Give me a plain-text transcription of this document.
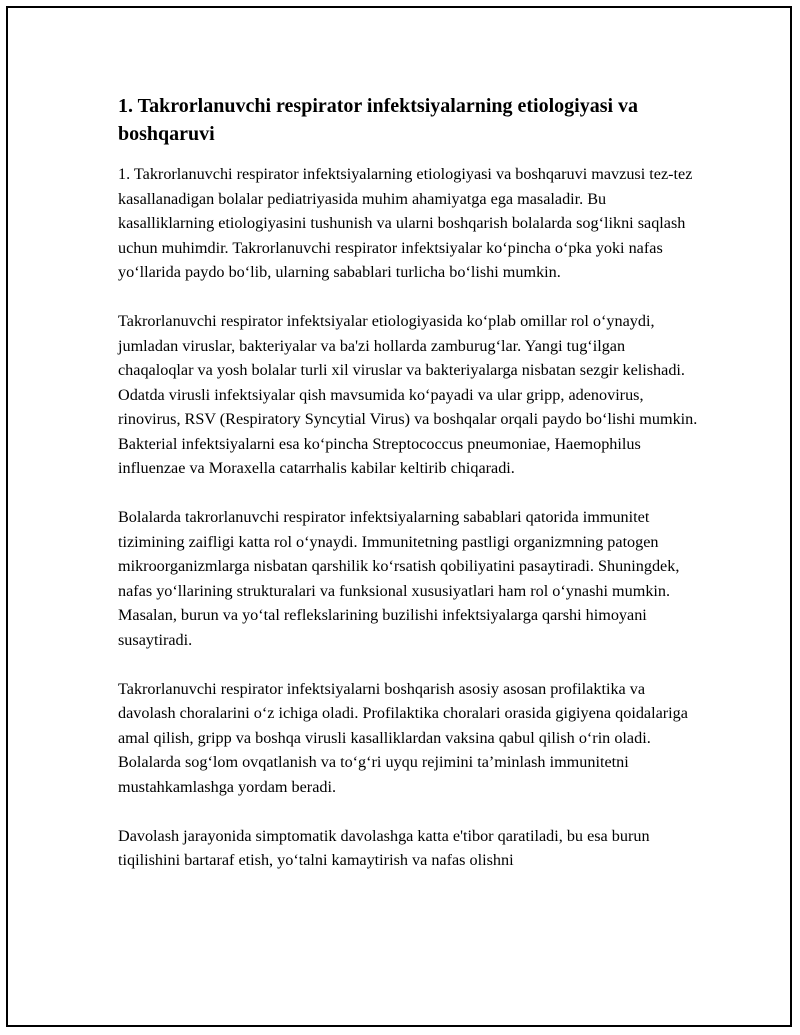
1. Takrorlanuvchi respirator infektsiyalarning etiologiyasi va boshqaruvi

1. Takrorlanuvchi respirator infektsiyalarning etiologiyasi va boshqaruvi mavzusi tez-tez kasallanadigan bolalar pediatriyasida muhim ahamiyatga ega masaladir. Bu kasalliklarning etiologiyasini tushunish va ularni boshqarish bolalarda sog‘likni saqlash uchun muhimdir. Takrorlanuvchi respirator infektsiyalar ko‘pincha o‘pka yoki nafas yo‘llarida paydo bo‘lib, ularning sabablari turlicha bo‘lishi mumkin.

Takrorlanuvchi respirator infektsiyalar etiologiyasida ko‘plab omillar rol o‘ynaydi, jumladan viruslar, bakteriyalar va ba'zi hollarda zamburug‘lar. Yangi tug‘ilgan chaqaloqlar va yosh bolalar turli xil viruslar va bakteriyalarga nisbatan sezgir kelishadi. Odatda virusli infektsiyalar qish mavsumida ko‘payadi va ular gripp, adenovirus, rinovirus, RSV (Respiratory Syncytial Virus) va boshqalar orqali paydo bo‘lishi mumkin. Bakterial infektsiyalarni esa ko‘pincha Streptococcus pneumoniae, Haemophilus influenzae va Moraxella catarrhalis kabilar keltirib chiqaradi.

Bolalarda takrorlanuvchi respirator infektsiyalarning sabablari qatorida immunitet tizimining zaifligi katta rol o‘ynaydi. Immunitetning pastligi organizmning patogen mikroorganizmlarga nisbatan qarshilik ko‘rsatish qobiliyatini pasaytiradi. Shuningdek, nafas yo‘llarining strukturalari va funksional xususiyatlari ham rol o‘ynashi mumkin. Masalan, burun va yo‘tal reflekslarining buzilishi infektsiyalarga qarshi himoyani susaytiradi.

Takrorlanuvchi respirator infektsiyalarni boshqarish asosiy asosan profilaktika va davolash choralarini o‘z ichiga oladi. Profilaktika choralari orasida gigiyena qoidalariga amal qilish, gripp va boshqa virusli kasalliklardan vaksina qabul qilish o‘rin oladi. Bolalarda sog‘lom ovqatlanish va to‘g‘ri uyqu rejimini ta’minlash immunitetni mustahkamlashga yordam beradi.

Davolash jarayonida simptomatik davolashga katta e'tibor qaratiladi, bu esa burun tiqilishini bartaraf etish, yo‘talni kamaytirish va nafas olishni
